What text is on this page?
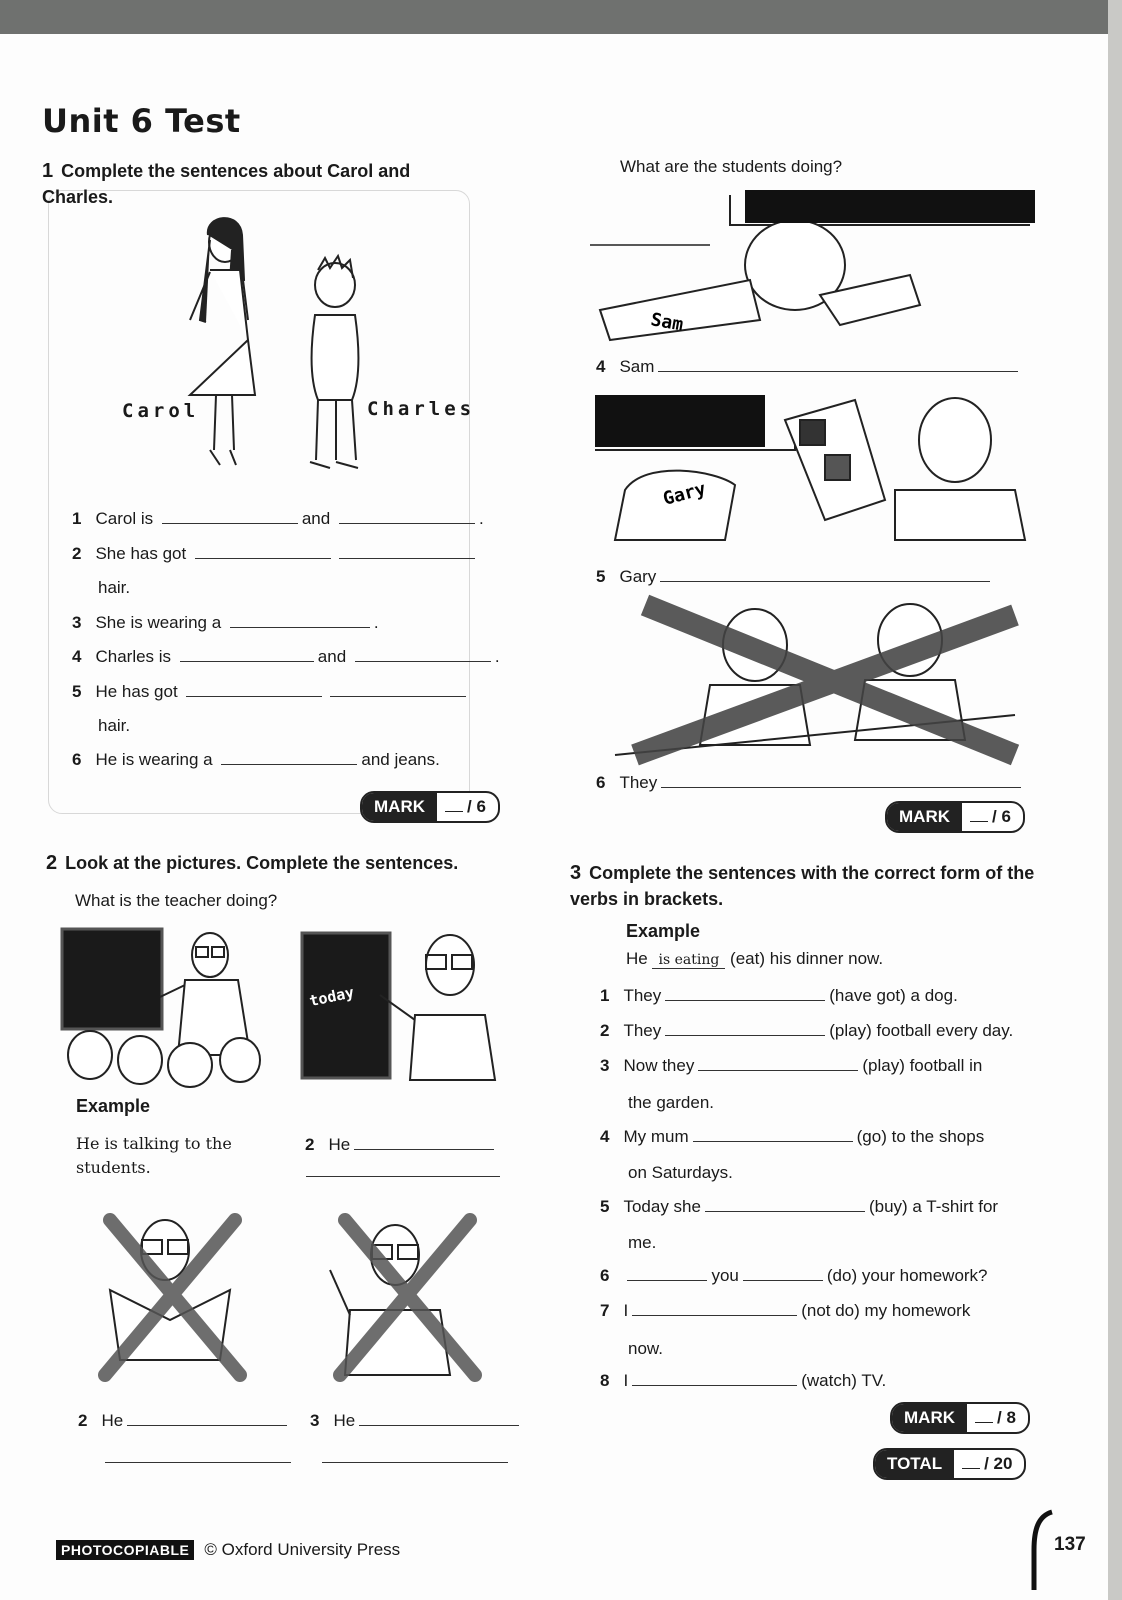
Unit 6 Test
1 Complete the sentences about Carol and Charles.
Carol	Charles
1 Carol is	and	.
2 She has got
hair.
3 She is wearing a	.
4 Charles is	and	.
5 He has got
hair.
6 He is wearing a	and jeans.
MARK	/ 6
2 Look at the pictures. Complete the sentences.
What is the teacher doing?
today
Example
He is talking to the students.
2 He
2 He	3 He
What are the students doing?
Sam
4 Sam
Gary
5 Gary
6 They
MARK	/ 6
3 Complete the sentences with the correct form of the verbs in brackets.
Example
He is eating (eat) his dinner now.
1 They	(have got) a dog.
2 They	(play) football every day.
3 Now they	(play) football in
the garden.
4 My mum	(go) to the shops
on Saturdays.
5 Today she	(buy) a T-shirt for
me.
6	you	(do) your homework?
7 I	(not do) my homework
now.
8 I	(watch) TV.
MARK	/ 8
TOTAL	/ 20
PHOTOCOPIABLE © Oxford University Press	137
